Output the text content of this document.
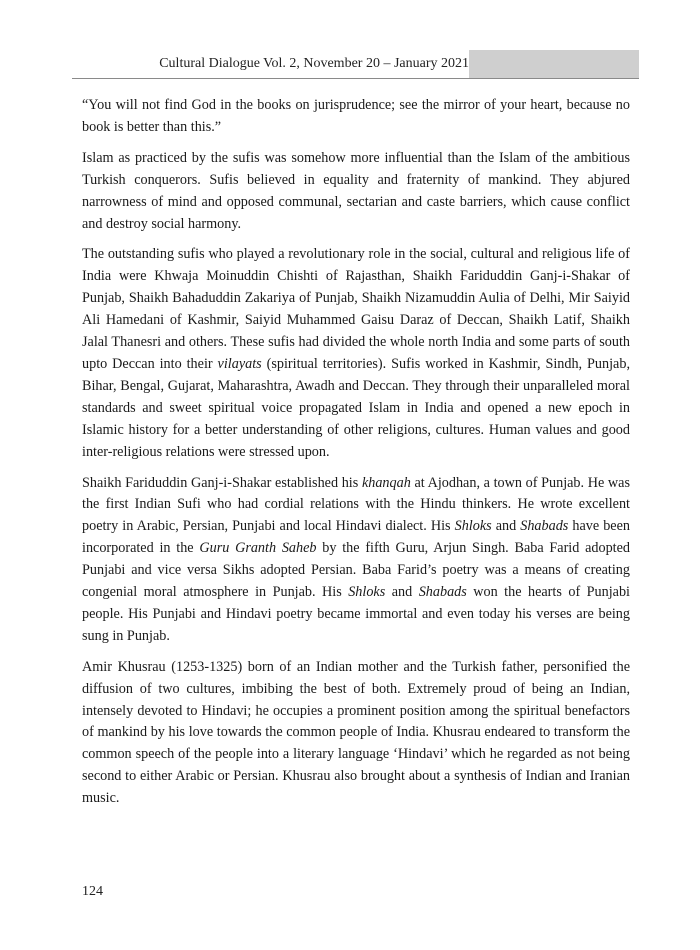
Cultural Dialogue Vol. 2, November 20 – January 2021

“You will not find God in the books on jurisprudence; see the mirror of your heart, because no book is better than this.”

Islam as practiced by the sufis was somehow more influential than the Islam of the ambitious Turkish conquerors. Sufis believed in equality and fraternity of mankind. They abjured narrowness of mind and opposed communal, sectarian and caste barriers, which cause conflict and destroy social harmony.

The outstanding sufis who played a revolutionary role in the social, cultural and religious life of India were Khwaja Moinuddin Chishti of Rajasthan, Shaikh Fariduddin Ganj-i-Shakar of Punjab, Shaikh Bahaduddin Zakariya of Punjab, Shaikh Nizamuddin Aulia of Delhi, Mir Saiyid Ali Hamedani of Kashmir, Saiyid Muhammed Gaisu Daraz of Deccan, Shaikh Latif, Shaikh Jalal Thanesri and others. These sufis had divided the whole north India and some parts of south upto Deccan into their vilayats (spiritual territories). Sufis worked in Kashmir, Sindh, Punjab, Bihar, Bengal, Gujarat, Maharashtra, Awadh and Deccan. They through their unparalleled moral standards and sweet spiritual voice propagated Islam in India and opened a new epoch in Islamic history for a better understanding of other religions, cultures. Human values and good inter-religious relations were stressed upon.

Shaikh Fariduddin Ganj-i-Shakar established his khanqah at Ajodhan, a town of Punjab. He was the first Indian Sufi who had cordial relations with the Hindu thinkers. He wrote excellent poetry in Arabic, Persian, Punjabi and local Hindavi dialect. His Shloks and Shabads have been incorporated in the Guru Granth Saheb by the fifth Guru, Arjun Singh. Baba Farid adopted Punjabi and vice versa Sikhs adopted Persian. Baba Farid’s poetry was a means of creating congenial moral atmosphere in Punjab. His Shloks and Shabads won the hearts of Punjabi people. His Punjabi and Hindavi poetry became immortal and even today his verses are being sung in Punjab.

Amir Khusrau (1253-1325) born of an Indian mother and the Turkish father, personified the diffusion of two cultures, imbibing the best of both. Extremely proud of being an Indian, intensely devoted to Hindavi; he occupies a prominent position among the spiritual benefactors of mankind by his love towards the common people of India. Khusrau endeared to transform the common speech of the people into a literary language ‘Hindavi’ which he regarded as not being second to either Arabic or Persian. Khusrau also brought about a synthesis of Indian and Iranian music.

124
